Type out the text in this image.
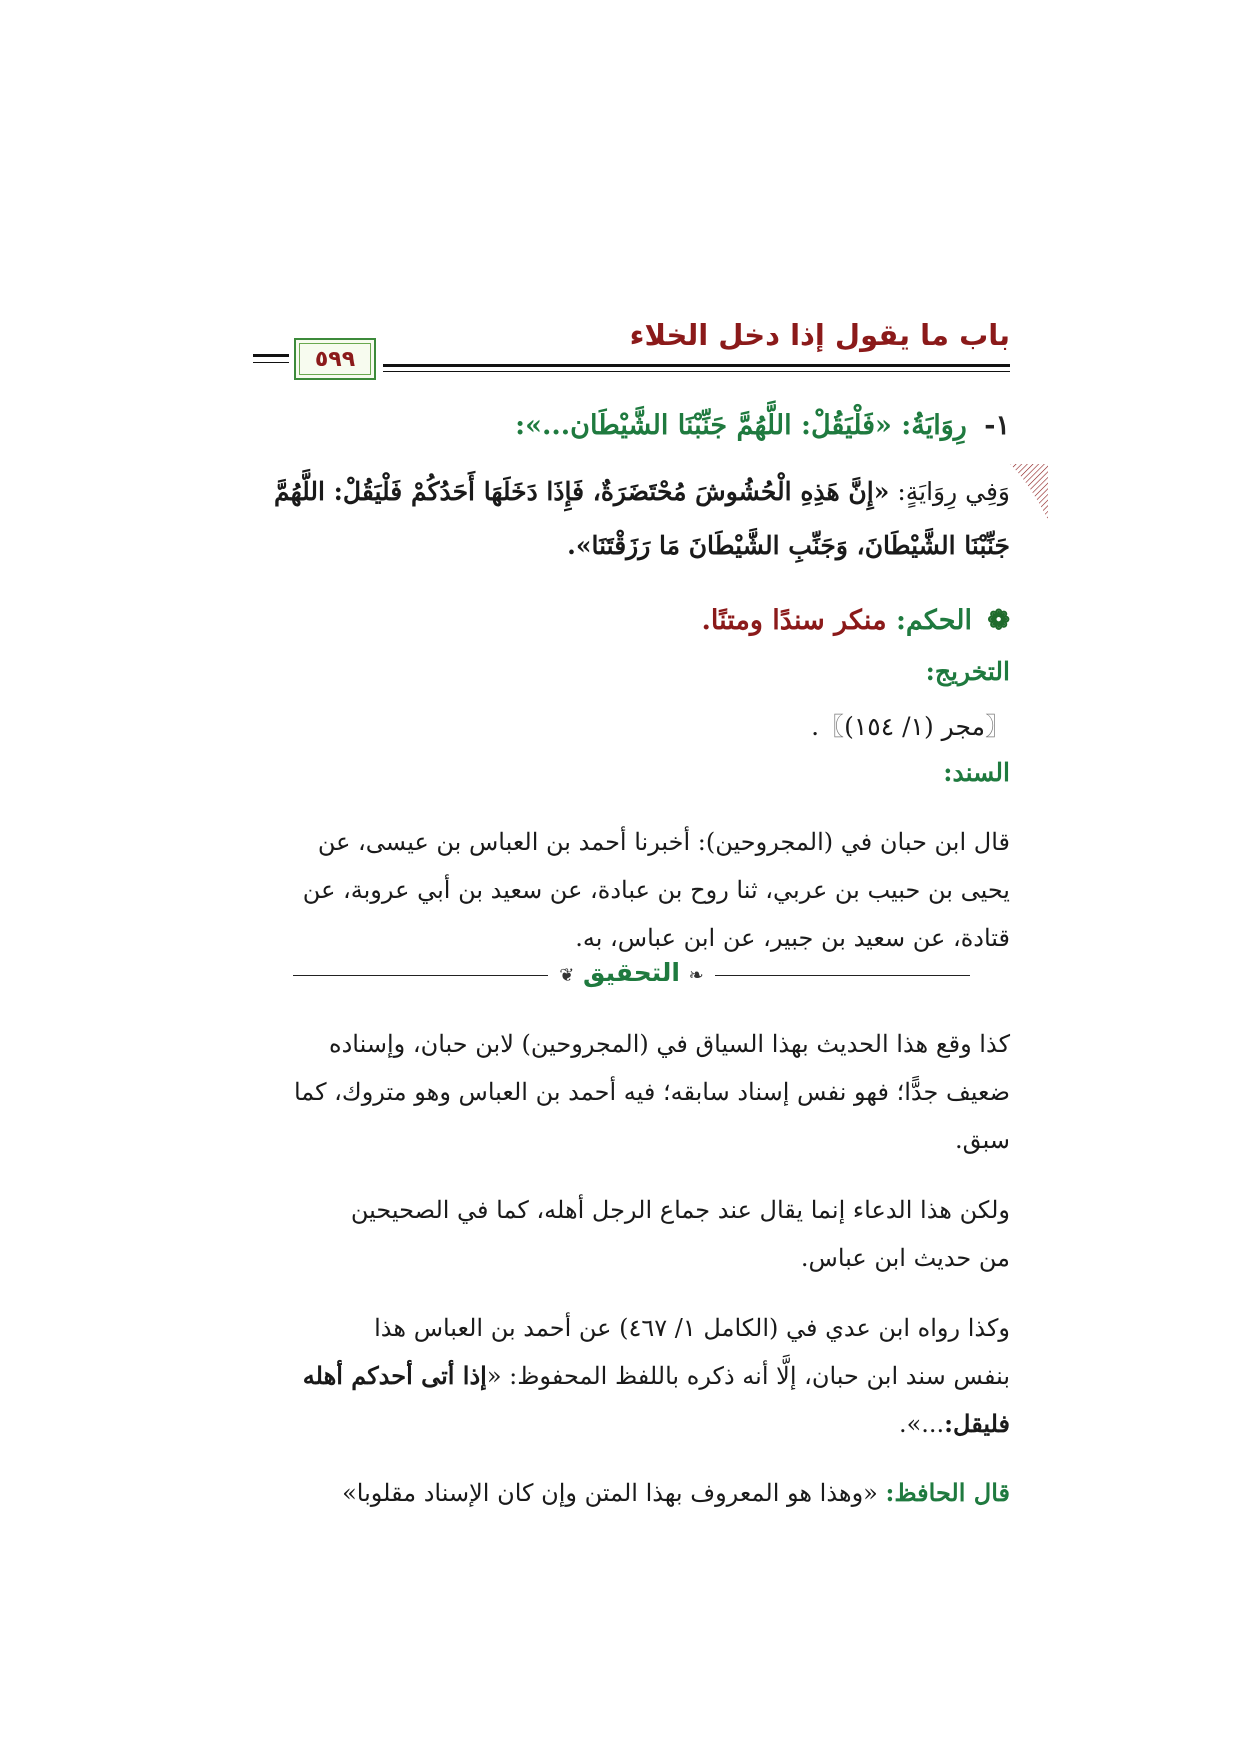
باب ما يقول إذا دخل الخلاء
٥٩٩
١- رِوَايَةُ: «فَلْيَقُلْ: اللَّهُمَّ جَنِّبْنَا الشَّيْطَان...»:
وَفِي رِوَايَةٍ: «إِنَّ هَذِهِ الْحُشُوشَ مُحْتَضَرَةٌ، فَإِذَا دَخَلَهَا أَحَدُكُمْ فَلْيَقُلْ: اللَّهُمَّ
جَنِّبْنَا الشَّيْطَانَ، وَجَنِّبِ الشَّيْطَانَ مَا رَزَقْتَنَا».
❁ الحكم: منكر سندًا ومتنًا.
التخريج:
〖مجر (١/ ١٥٤)〗.
السند:
قال ابن حبان في (المجروحين): أخبرنا أحمد بن العباس بن عيسى، عن
يحيى بن حبيب بن عربي، ثنا روح بن عبادة، عن سعيد بن أبي عروبة، عن
قتادة، عن سعيد بن جبير، عن ابن عباس، به.
❧ التحقيق ❦
كذا وقع هذا الحديث بهذا السياق في (المجروحين) لابن حبان، وإسناده
ضعيف جدًّا؛ فهو نفس إسناد سابقه؛ فيه أحمد بن العباس وهو متروك، كما
سبق.
ولكن هذا الدعاء إنما يقال عند جماع الرجل أهله، كما في الصحيحين
من حديث ابن عباس.
وكذا رواه ابن عدي في (الكامل ١/ ٤٦٧) عن أحمد بن العباس هذا
بنفس سند ابن حبان، إلَّا أنه ذكره باللفظ المحفوظ: «إذا أتى أحدكم أهله
فليقل:...».
قال الحافظ: «وهذا هو المعروف بهذا المتن وإن كان الإسناد مقلوبا»
